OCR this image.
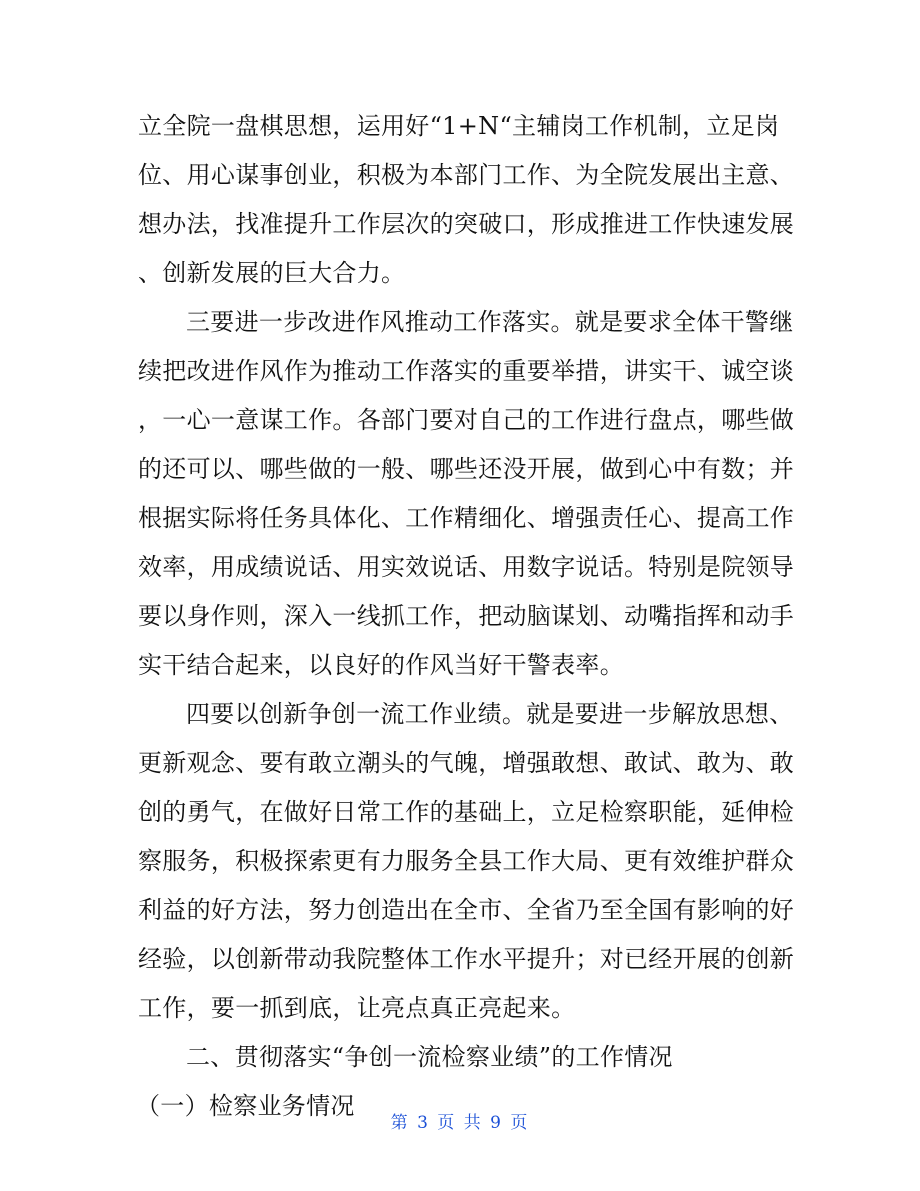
立全院一盘棋思想，运用好“1+N“主辅岗工作机制，立足岗
位、用心谋事创业，积极为本部门工作、为全院发展出主意、
想办法，找准提升工作层次的突破口，形成推进工作快速发展
、创新发展的巨大合力。
三要进一步改进作风推动工作落实。就是要求全体干警继
续把改进作风作为推动工作落实的重要举措，讲实干、诚空谈
，一心一意谋工作。各部门要对自己的工作进行盘点，哪些做
的还可以、哪些做的一般、哪些还没开展，做到心中有数；并
根据实际将任务具体化、工作精细化、增强责任心、提高工作
效率，用成绩说话、用实效说话、用数字说话。特别是院领导
要以身作则，深入一线抓工作，把动脑谋划、动嘴指挥和动手
实干结合起来，以良好的作风当好干警表率。
四要以创新争创一流工作业绩。就是要进一步解放思想、
更新观念、要有敢立潮头的气魄，增强敢想、敢试、敢为、敢
创的勇气，在做好日常工作的基础上，立足检察职能，延伸检
察服务，积极探索更有力服务全县工作大局、更有效维护群众
利益的好方法，努力创造出在全市、全省乃至全国有影响的好
经验，以创新带动我院整体工作水平提升；对已经开展的创新
工作，要一抓到底，让亮点真正亮起来。
二、贯彻落实“争创一流检察业绩”的工作情况
（一）检察业务情况
第 3 页 共 9 页
